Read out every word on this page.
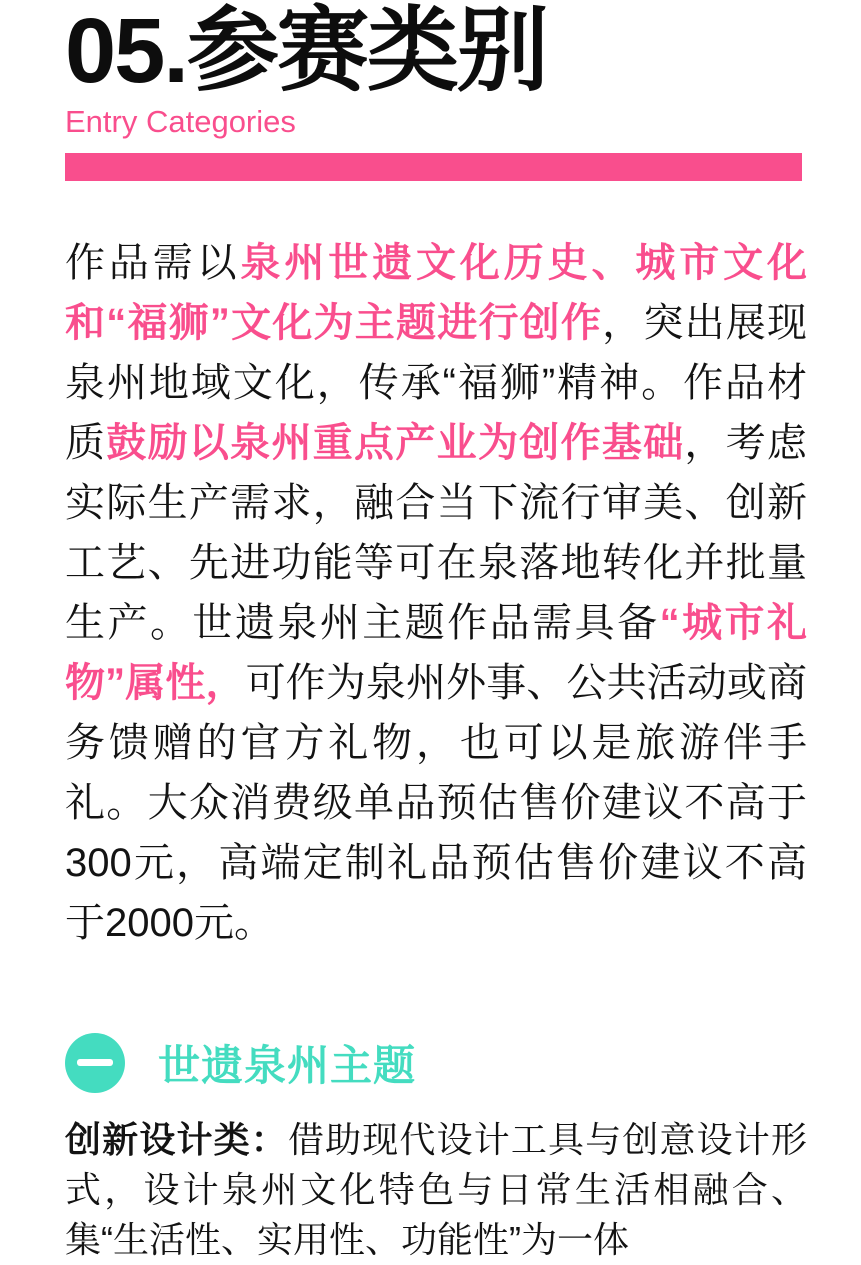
05.参赛类别
Entry Categories
作品需以泉州世遗文化历史、城市文化和“福狮”文化为主题进行创作，突出展现泉州地域文化，传承“福狮”精神。作品材质鼓励以泉州重点产业为创作基础，考虑实际生产需求，融合当下流行审美、创新工艺、先进功能等可在泉落地转化并批量生产。世遗泉州主题作品需具备“城市礼物”属性，可作为泉州外事、公共活动或商务馈赠的官方礼物，也可以是旅游伴手礼。大众消费级单品预估售价建议不高于300元，高端定制礼品预估售价建议不高于2000元。
世遗泉州主题
创新设计类：借助现代设计工具与创意设计形式，设计泉州文化特色与日常生活相融合、集“生活性、实用性、功能性”为一体
